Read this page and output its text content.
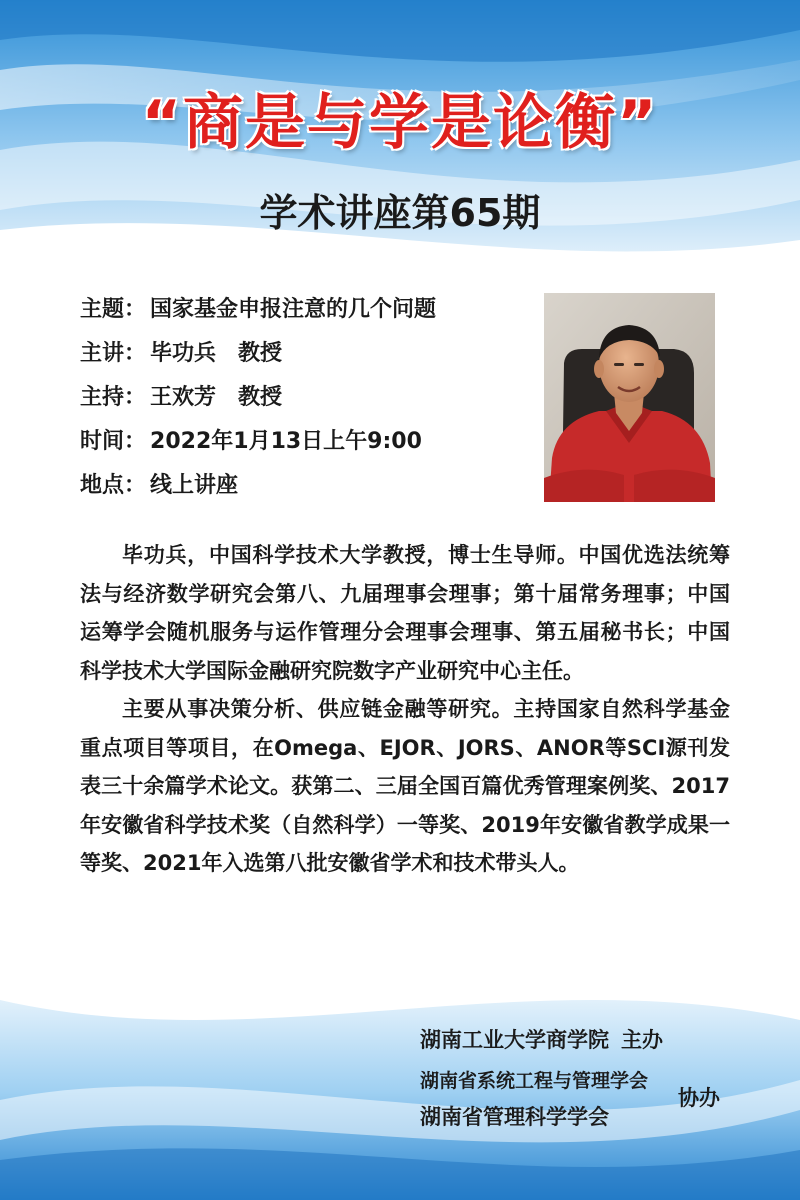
“商是与学是论衡”
学术讲座第65期
主题： 国家基金申报注意的几个问题
主讲： 毕功兵 教授
主持： 王欢芳 教授
时间： 2022年1月13日上午9:00
地点： 线上讲座

毕功兵，中国科学技术大学教授，博士生导师。中国优选法统筹法与经济数学研究会第八、九届理事会理事；第十届常务理事；中国运筹学会随机服务与运作管理分会理事会理事、第五届秘书长；中国科学技术大学国际金融研究院数字产业研究中心主任。

主要从事决策分析、供应链金融等研究。主持国家自然科学基金重点项目等项目，在Omega、EJOR、JORS、ANOR等SCI源刊发表三十余篇学术论文。获第二、三届全国百篇优秀管理案例奖、2017年安徽省科学技术奖（自然科学）一等奖、2019年安徽省教学成果一等奖、2021年入选第八批安徽省学术和技术带头人。

湖南工业大学商学院 主办
湖南省系统工程与管理学会
湖南省管理科学学会
协办
